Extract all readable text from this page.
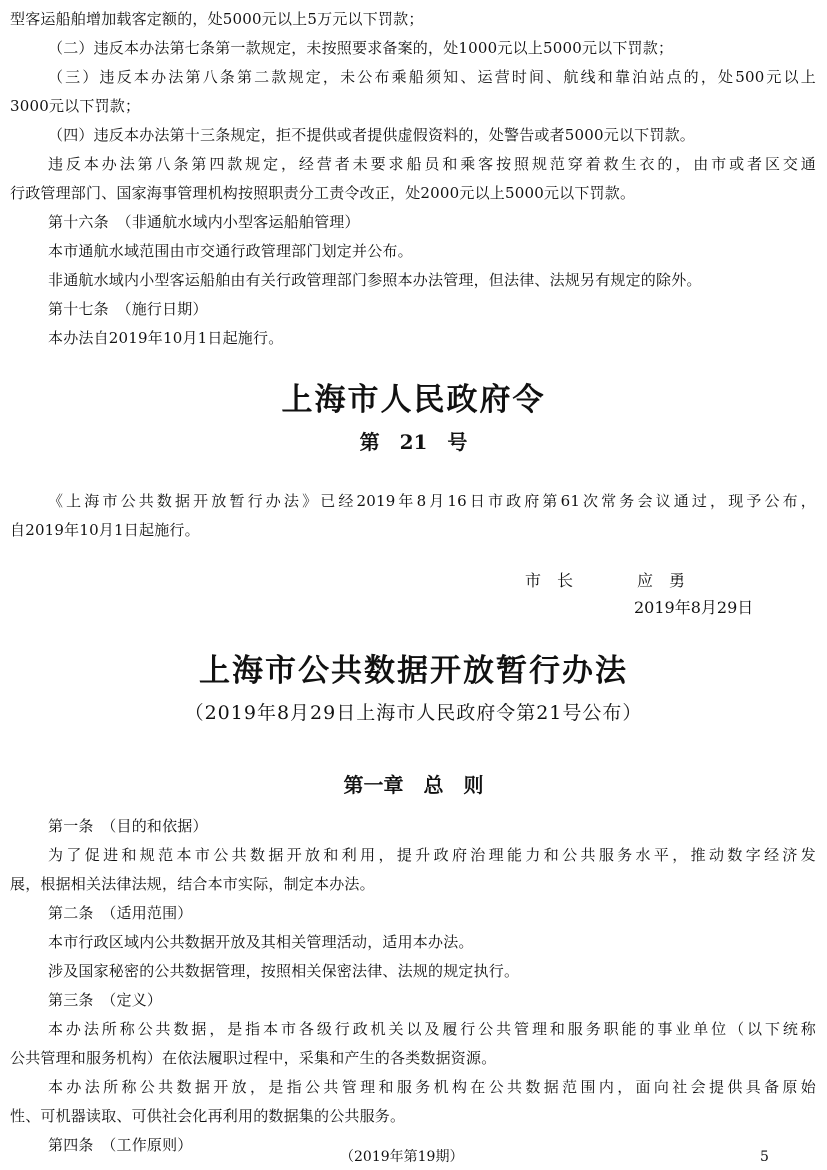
型客运船舶增加载客定额的，处5000元以上5万元以下罚款；
（二）违反本办法第七条第一款规定，未按照要求备案的，处1000元以上5000元以下罚款；
（三）违反本办法第八条第二款规定，未公布乘船须知、运营时间、航线和靠泊站点的，处500元以上
3000元以下罚款；
（四）违反本办法第十三条规定，拒不提供或者提供虚假资料的，处警告或者5000元以下罚款。
违反本办法第八条第四款规定，经营者未要求船员和乘客按照规范穿着救生衣的，由市或者区交通
行政管理部门、国家海事管理机构按照职责分工责令改正，处2000元以上5000元以下罚款。
第十六条　（非通航水域内小型客运船舶管理）
本市通航水域范围由市交通行政管理部门划定并公布。
非通航水域内小型客运船舶由有关行政管理部门参照本办法管理，但法律、法规另有规定的除外。
第十七条　（施行日期）
本办法自2019年10月1日起施行。
上海市人民政府令
第　21　号
《上海市公共数据开放暂行办法》已经2019年8月16日市政府第61次常务会议通过，现予公布，
自2019年10月1日起施行。
市　长　　　　应　勇
2019年8月29日
上海市公共数据开放暂行办法
（2019年8月29日上海市人民政府令第21号公布）
第一章　总　则
第一条　（目的和依据）
为了促进和规范本市公共数据开放和利用，提升政府治理能力和公共服务水平，推动数字经济发
展，根据相关法律法规，结合本市实际，制定本办法。
第二条　（适用范围）
本市行政区域内公共数据开放及其相关管理活动，适用本办法。
涉及国家秘密的公共数据管理，按照相关保密法律、法规的规定执行。
第三条　（定义）
本办法所称公共数据，是指本市各级行政机关以及履行公共管理和服务职能的事业单位（以下统称
公共管理和服务机构）在依法履职过程中，采集和产生的各类数据资源。
本办法所称公共数据开放，是指公共管理和服务机构在公共数据范围内，面向社会提供具备原始
性、可机器读取、可供社会化再利用的数据集的公共服务。
第四条　（工作原则）
（2019年第19期）	5
